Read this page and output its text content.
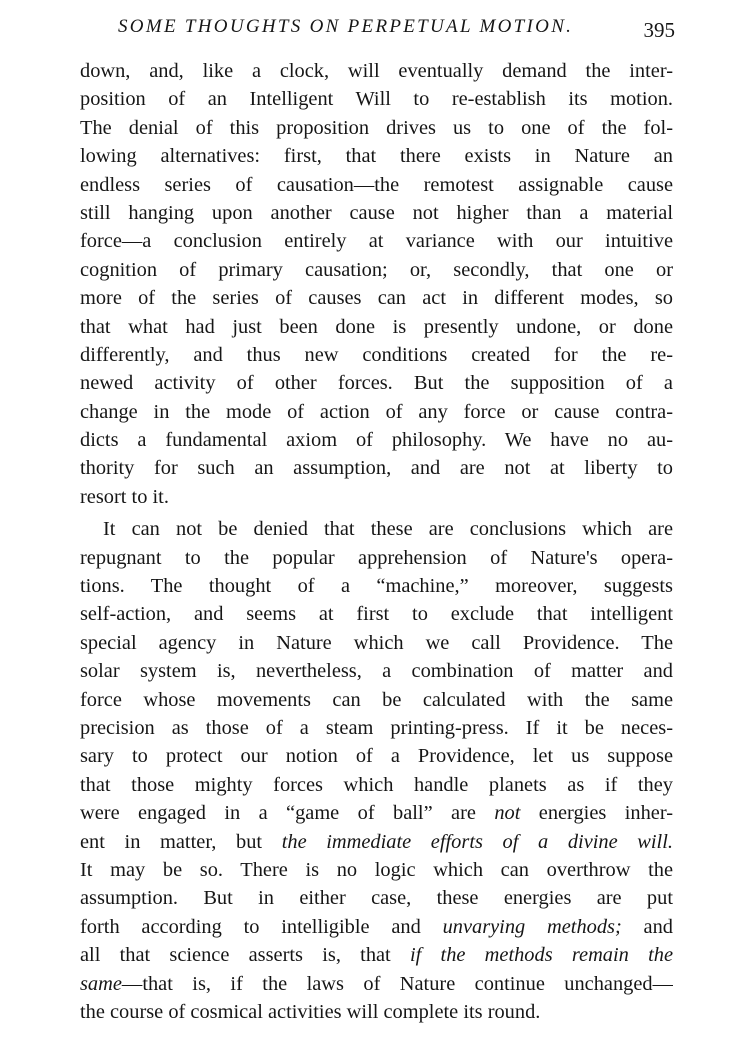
SOME THOUGHTS ON PERPETUAL MOTION.	395
down, and, like a clock, will eventually demand the inter-
position of an Intelligent Will to re-establish its motion.
The denial of this proposition drives us to one of the fol-
lowing alternatives: first, that there exists in Nature an
endless series of causation—the remotest assignable cause
still hanging upon another cause not higher than a material
force—a conclusion entirely at variance with our intuitive
cognition of primary causation; or, secondly, that one or
more of the series of causes can act in different modes, so
that what had just been done is presently undone, or done
differently, and thus new conditions created for the re-
newed activity of other forces. But the supposition of a
change in the mode of action of any force or cause contra-
dicts a fundamental axiom of philosophy. We have no au-
thority for such an assumption, and are not at liberty to
resort to it.
It can not be denied that these are conclusions which are
repugnant to the popular apprehension of Nature's opera-
tions. The thought of a “machine,” moreover, suggests
self-action, and seems at first to exclude that intelligent
special agency in Nature which we call Providence. The
solar system is, nevertheless, a combination of matter and
force whose movements can be calculated with the same
precision as those of a steam printing-press. If it be neces-
sary to protect our notion of a Providence, let us suppose
that those mighty forces which handle planets as if they
were engaged in a “game of ball” are not energies inher-
ent in matter, but the immediate efforts of a divine will.
It may be so. There is no logic which can overthrow the
assumption. But in either case, these energies are put
forth according to intelligible and unvarying methods; and
all that science asserts is, that if the methods remain the
same—that is, if the laws of Nature continue unchanged—
the course of cosmical activities will complete its round.
